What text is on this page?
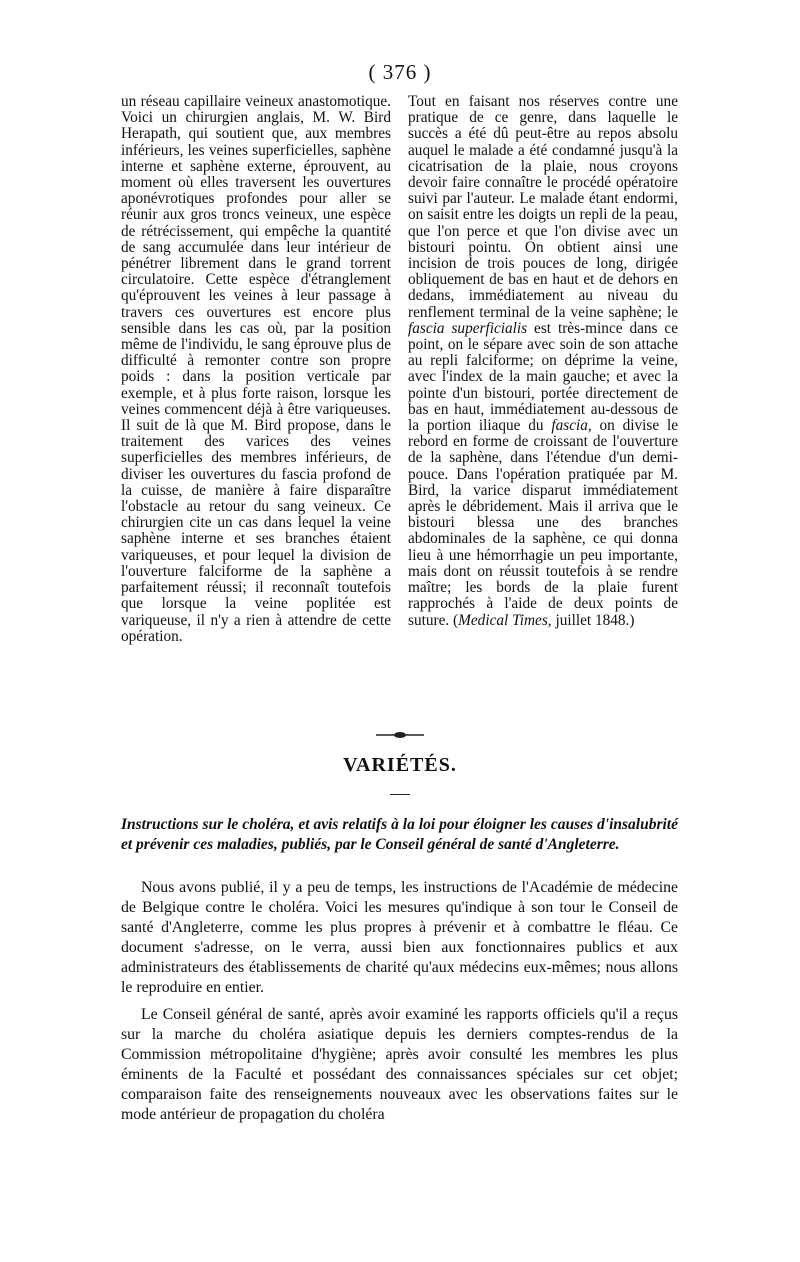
( 376 )

un réseau capillaire veineux anastomotique. Voici un chirurgien anglais, M. W. Bird Herapath, qui soutient que, aux membres inférieurs, les veines superficielles, saphène interne et saphène externe, éprouvent, au moment où elles traversent les ouvertures aponévrotiques profondes pour aller se réunir aux gros troncs veineux, une espèce de rétrécissement, qui empêche la quantité de sang accumulée dans leur intérieur de pénétrer librement dans le grand torrent circulatoire. Cette espèce d'étranglement qu'éprouvent les veines à leur passage à travers ces ouvertures est encore plus sensible dans les cas où, par la position même de l'individu, le sang éprouve plus de difficulté à remonter contre son propre poids : dans la position verticale par exemple, et à plus forte raison, lorsque les veines commencent déjà à être variqueuses. Il suit de là que M. Bird propose, dans le traitement des varices des veines superficielles des membres inférieurs, de diviser les ouvertures du fascia profond de la cuisse, de manière à faire disparaître l'obstacle au retour du sang veineux. Ce chirurgien cite un cas dans lequel la veine saphène interne et ses branches étaient variqueuses, et pour lequel la division de l'ouverture falciforme de la saphène a parfaitement réussi; il reconnaît toutefois que lorsque la veine poplitée est variqueuse, il n'y a rien à attendre de cette opération.

Tout en faisant nos réserves contre une pratique de ce genre, dans laquelle le succès a été dû peut-être au repos absolu auquel le malade a été condamné jusqu'à la cicatrisation de la plaie, nous croyons devoir faire connaître le procédé opératoire suivi par l'auteur. Le malade étant endormi, on saisit entre les doigts un repli de la peau, que l'on perce et que l'on divise avec un bistouri pointu. On obtient ainsi une incision de trois pouces de long, dirigée obliquement de bas en haut et de dehors en dedans, immédiatement au niveau du renflement terminal de la veine saphène; le fascia superficialis est très-mince dans ce point, on le sépare avec soin de son attache au repli falciforme; on déprime la veine, avec l'index de la main gauche; et avec la pointe d'un bistouri, portée directement de bas en haut, immédiatement au-dessous de la portion iliaque du fascia, on divise le rebord en forme de croissant de l'ouverture de la saphène, dans l'étendue d'un demi-pouce. Dans l'opération pratiquée par M. Bird, la varice disparut immédiatement après le débridement. Mais il arriva que le bistouri blessa une des branches abdominales de la saphène, ce qui donna lieu à une hémorrhagie un peu importante, mais dont on réussit toutefois à se rendre maître; les bords de la plaie furent rapprochés à l'aide de deux points de suture. (Medical Times, juillet 1848.)

VARIÉTÉS.
Instructions sur le choléra, et avis relatifs à la loi pour éloigner les causes d'insalubrité et prévenir ces maladies, publiés, par le Conseil général de santé d'Angleterre.

Nous avons publié, il y a peu de temps, les instructions de l'Académie de médecine de Belgique contre le choléra. Voici les mesures qu'indique à son tour le Conseil de santé d'Angleterre, comme les plus propres à prévenir et à combattre le fléau. Ce document s'adresse, on le verra, aussi bien aux fonctionnaires publics et aux administrateurs des établissements de charité qu'aux médecins eux-mêmes; nous allons le reproduire en entier.

Le Conseil général de santé, après avoir examiné les rapports officiels qu'il a reçus sur la marche du choléra asiatique depuis les derniers comptes-rendus de la Commission métropolitaine d'hygiène; après avoir consulté les membres les plus éminents de la Faculté et possédant des connaissances spéciales sur cet objet; comparaison faite des renseignements nouveaux avec les observations faites sur le mode antérieur de propagation du choléra
